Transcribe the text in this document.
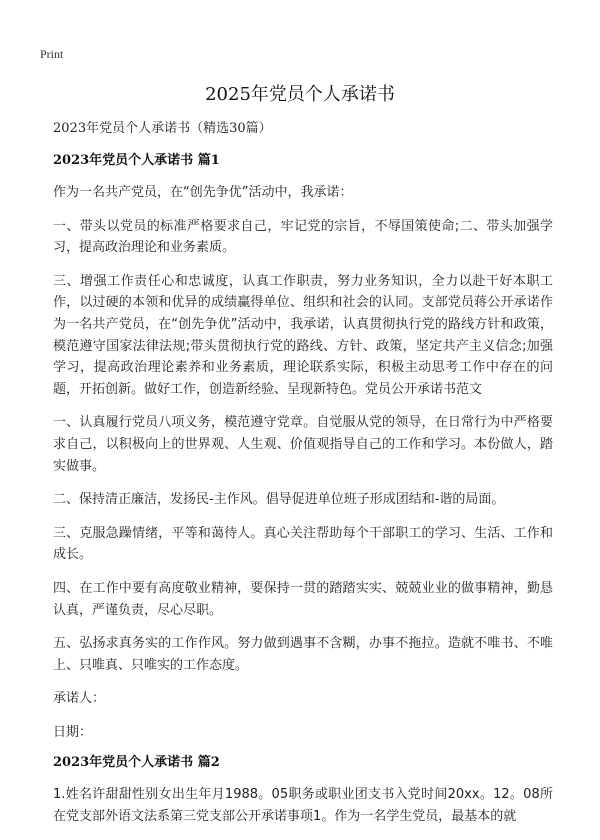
Print
2025年党员个人承诺书

2023年党员个人承诺书（精选30篇）

2023年党员个人承诺书 篇1

作为一名共产党员，在“创先争优”活动中，我承诺：

一、带头以党员的标准严格要求自己，牢记党的宗旨，不辱国策使命;二、带头加强学习，提高政治理论和业务素质。

三、增强工作责任心和忠诚度，认真工作职责，努力业务知识，全力以赴干好本职工作，以过硬的本领和优异的成绩赢得单位、组织和社会的认同。支部党员蒋公开承诺作为一名共产党员，在“创先争优”活动中，我承诺，认真贯彻执行党的路线方针和政策，模范遵守国家法律法规;带头贯彻执行党的路线、方针、政策，坚定共产主义信念;加强学习，提高政治理论素养和业务素质，理论联系实际，积极主动思考工作中存在的问题，开拓创新。做好工作，创造新经验、呈现新特色。党员公开承诺书范文

一、认真履行党员八项义务，模范遵守党章。自觉服从党的领导，在日常行为中严格要求自己，以积极向上的世界观、人生观、价值观指导自己的工作和学习。本份做人，踏实做事。

二、保持清正廉洁，发扬民-主作风。倡导促进单位班子形成团结和-谐的局面。

三、克服急躁情绪，平等和蔼待人。真心关注帮助每个干部职工的学习、生活、工作和成长。

四、在工作中要有高度敬业精神，要保持一贯的踏踏实实、兢兢业业的做事精神，勤恳认真，严谨负责，尽心尽职。

五、弘扬求真务实的工作作风。努力做到遇事不含糊，办事不拖拉。造就不唯书、不唯上、只唯真、只唯实的工作态度。

承诺人：

日期：

2023年党员个人承诺书 篇2

1.姓名许甜甜性别女出生年月1988。05职务或职业团支书入党时间20xx。12。08所在党支部外语文法系第三党支部公开承诺事项1。作为一名学生党员，最基本的就
